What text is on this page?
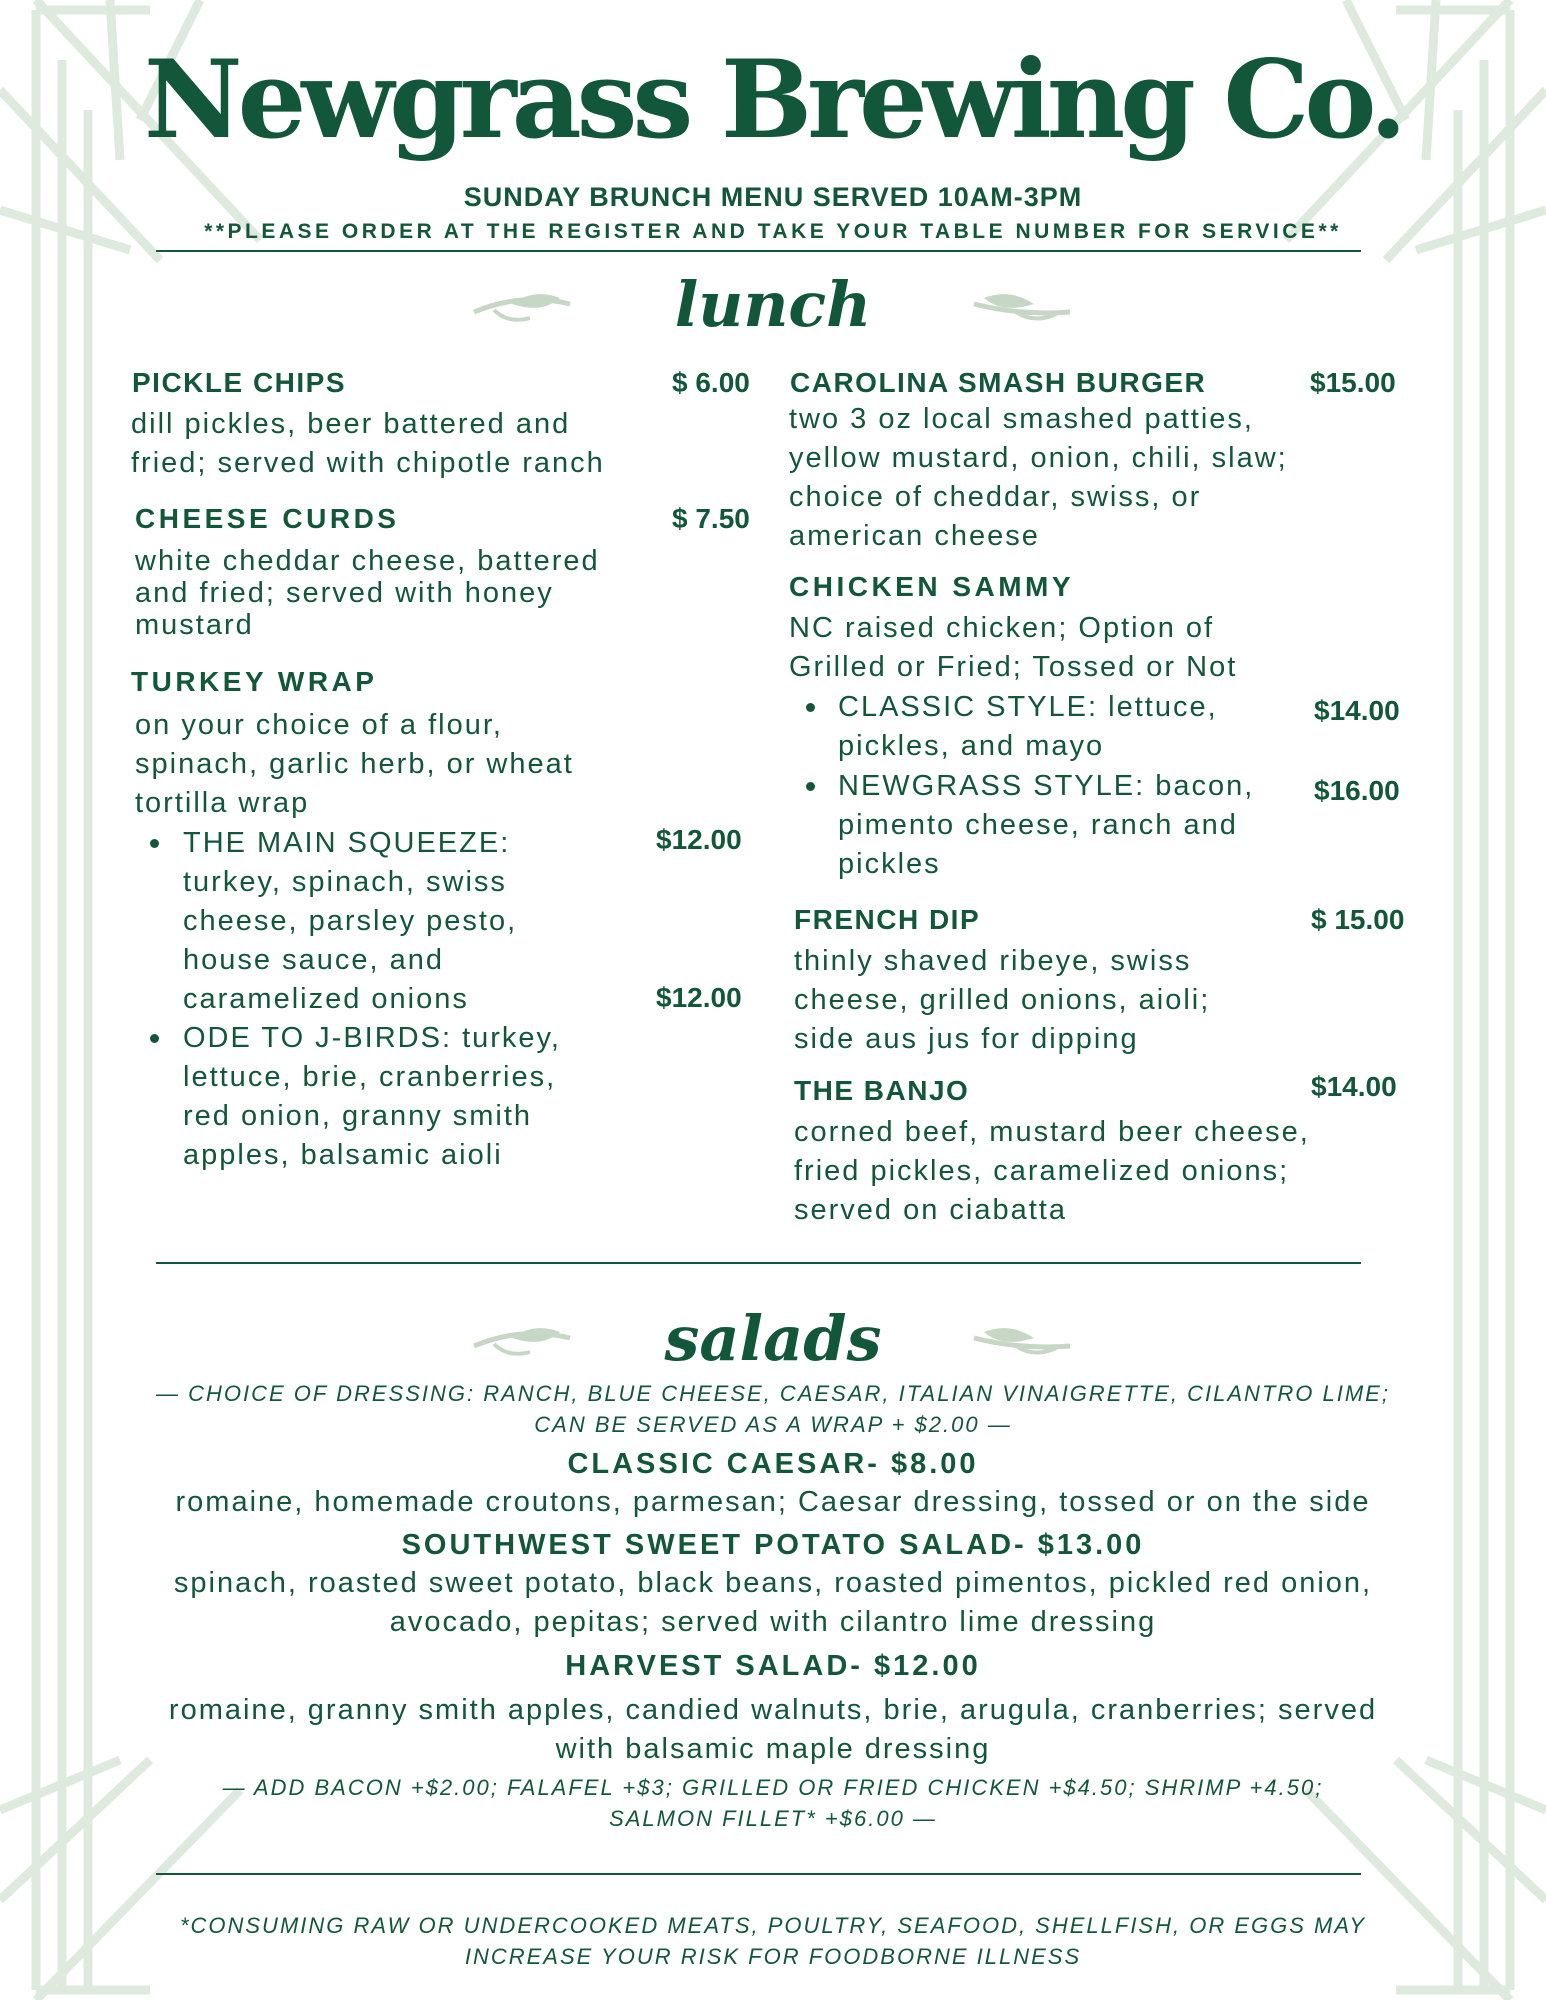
Newgrass Brewing Co.
SUNDAY BRUNCH MENU SERVED 10AM-3PM
**PLEASE ORDER AT THE REGISTER AND TAKE YOUR TABLE NUMBER FOR SERVICE**
lunch
PICKLE CHIPS	$ 6.00
dill pickles, beer battered and
fried; served with chipotle ranch
CHEESE CURDS	$ 7.50
white cheddar cheese, battered
and fried; served with honey
mustard
TURKEY WRAP
on your choice of a flour,
spinach, garlic herb, or wheat
tortilla wrap
THE MAIN SQUEEZE:
turkey, spinach, swiss
cheese, parsley pesto,
house sauce, and
caramelized onions
$12.00
ODE TO J-BIRDS: turkey,
lettuce, brie, cranberries,
red onion, granny smith
apples, balsamic aioli
$12.00
CAROLINA SMASH BURGER	$15.00
two 3 oz local smashed patties,
yellow mustard, onion, chili, slaw;
choice of cheddar, swiss, or
american cheese
CHICKEN SAMMY
NC raised chicken; Option of
Grilled or Fried; Tossed or Not
CLASSIC STYLE: lettuce,
pickles, and mayo
$14.00
NEWGRASS STYLE: bacon,
pimento cheese, ranch and
pickles
$16.00
FRENCH DIP	$ 15.00
thinly shaved ribeye, swiss
cheese, grilled onions, aioli;
side aus jus for dipping
THE BANJO	$14.00
corned beef, mustard beer cheese,
fried pickles, caramelized onions;
served on ciabatta
salads
— CHOICE OF DRESSING: RANCH, BLUE CHEESE, CAESAR, ITALIAN VINAIGRETTE, CILANTRO LIME;
CAN BE SERVED AS A WRAP + $2.00 —
CLASSIC CAESAR- $8.00
romaine, homemade croutons, parmesan; Caesar dressing, tossed or on the side
SOUTHWEST SWEET POTATO SALAD- $13.00
spinach, roasted sweet potato, black beans, roasted pimentos, pickled red onion,
avocado, pepitas; served with cilantro lime dressing
HARVEST SALAD- $12.00
romaine, granny smith apples, candied walnuts, brie, arugula, cranberries; served
with balsamic maple dressing
— ADD BACON +$2.00; FALAFEL +$3; GRILLED OR FRIED CHICKEN +$4.50; SHRIMP +4.50;
SALMON FILLET* +$6.00 —
*CONSUMING RAW OR UNDERCOOKED MEATS, POULTRY, SEAFOOD, SHELLFISH, OR EGGS MAY
INCREASE YOUR RISK FOR FOODBORNE ILLNESS
